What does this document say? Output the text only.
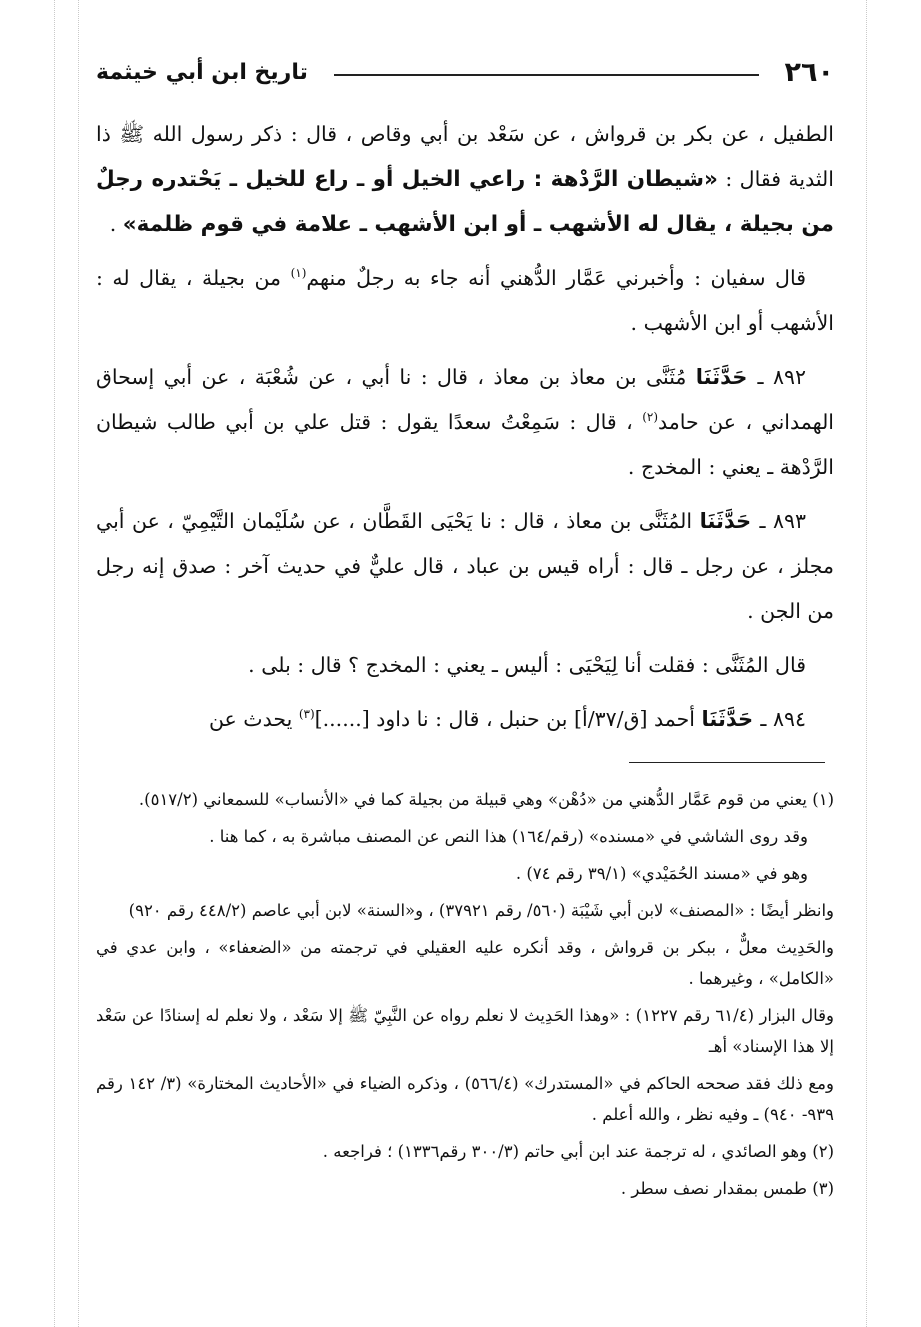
٢٦٠
تاريخ ابن أبي خيثمة

الطفيل ، عن بكر بن قرواش ، عن سَعْد بن أبي وقاص ، قال : ذكر رسول الله ﷺ ذا الثدية فقال : «شيطان الرَّدْهة : راعي الخيل أو ـ راع للخيل ـ يَحْتدره رجلٌ من بجيلة ، يقال له الأشهب ـ أو ابن الأشهب ـ علامة في قوم ظلمة» .

قال سفيان : وأخبرني عَمَّار الدُّهني أنه جاء به رجلٌ منهم$^{(١)}$ من بجيلة ، يقال له : الأشهب أو ابن الأشهب .

٨٩٢ ـ حَدَّثَنَا مُثَنَّى بن معاذ بن معاذ ، قال : نا أبي ، عن شُعْبَة ، عن أبي إسحاق الهمداني ، عن حامد$^{(٢)}$ ، قال : سَمِعْتُ سعدًا يقول : قتل علي بن أبي طالب شيطان الرَّدْهة ـ يعني : المخدج .

٨٩٣ ـ حَدَّثَنَا المُثَنَّى بن معاذ ، قال : نا يَحْيَى القَطَّان ، عن سُلَيْمان التَّيْمِيّ ، عن أبي مجلز ، عن رجل ـ قال : أراه قيس بن عباد ، قال عليٌّ في حديث آخر : صدق إنه رجل من الجن .

قال المُثَنَّى : فقلت أنا لِيَحْيَى : أليس ـ يعني : المخدج ؟ قال : بلى .

٨٩٤ ـ حَدَّثَنَا أحمد [ق/٣٧/أ] بن حنبل ، قال : نا داود [......]$^{(٣)}$ يحدث عن

(١) يعني من قوم عَمَّار الدُّهني من «دُهْن» وهي قبيلة من بجيلة كما في «الأنساب» للسمعاني (٥١٧/٢).

وقد روى الشاشي في «مسنده» (رقم/١٦٤) هذا النص عن المصنف مباشرة به ، كما هنا .

وهو في «مسند الحُمَيْدي» (٣٩/١ رقم ٧٤) .

وانظر أيضًا : «المصنف» لابن أبي شَيْبَة (٥٦٠/ رقم ٣٧٩٢١) ، و«السنة» لابن أبي عاصم (٤٤٨/٢ رقم ٩٢٠)

والحَدِيث معلٌّ ، ببكر بن قرواش ، وقد أنكره عليه العقيلي في ترجمته من «الضعفاء» ، وابن عدي في «الكامل» ، وغيرهما .

وقال البزار (٦١/٤ رقم ١٢٢٧) : «وهذا الحَدِيث لا نعلم رواه عن النَّبِيّ ﷺ إلا سَعْد ، ولا نعلم له إسنادًا عن سَعْد إلا هذا الإسناد» أهـ

ومع ذلك فقد صححه الحاكم في «المستدرك» (٥٦٦/٤) ، وذكره الضياء في «الأحاديث المختارة» (٣/ ١٤٢ رقم ٩٣٩- ٩٤٠) ـ وفيه نظر ، والله أعلم .

(٢) وهو الصائدي ، له ترجمة عند ابن أبي حاتم (٣٠٠/٣ رقم١٣٣٦) ؛ فراجعه .

(٣) طمس بمقدار نصف سطر .
